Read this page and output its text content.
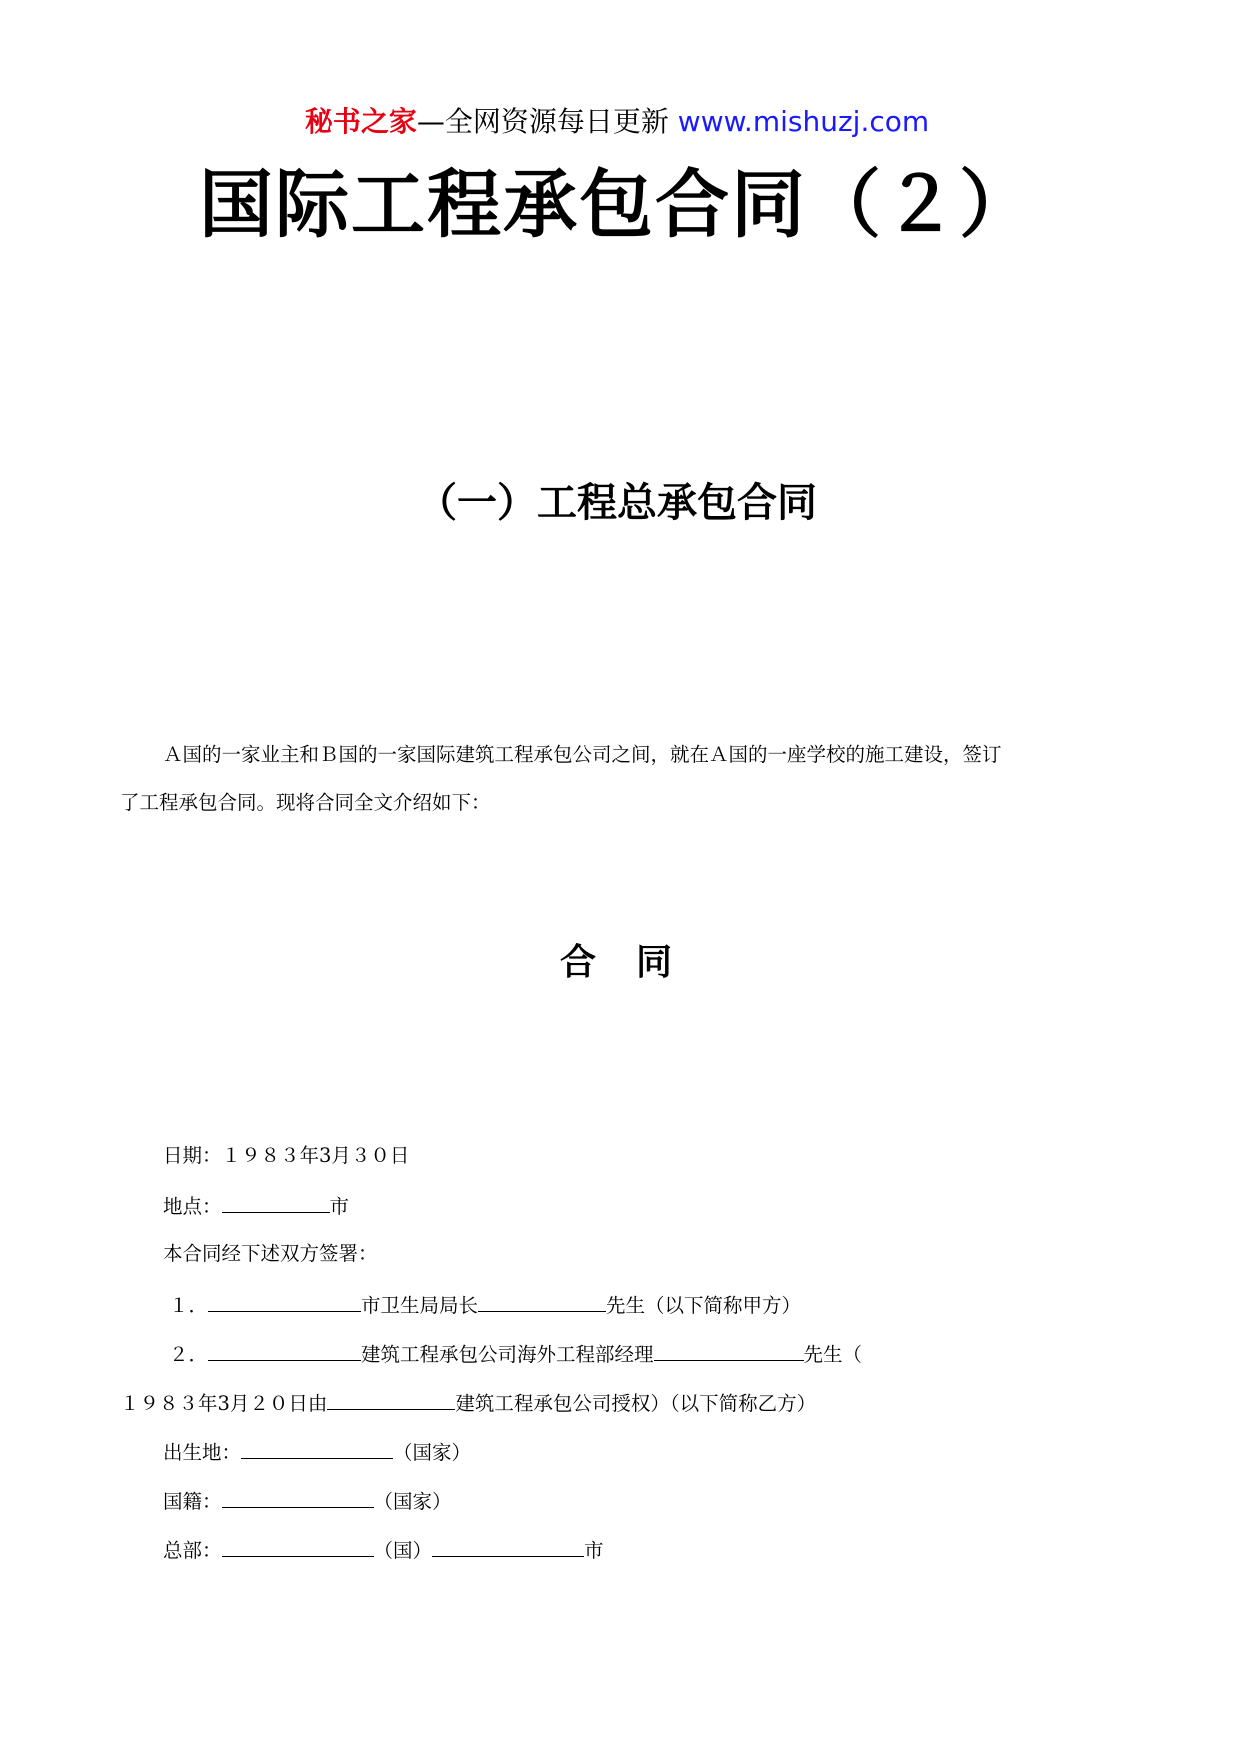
秘书之家—全网资源每日更新 www.mishuzj.com
国际工程承包合同（２）
（一）工程总承包合同

Ａ国的一家业主和Ｂ国的一家国际建筑工程承包公司之间，就在Ａ国的一座学校的施工建设，签订

了工程承包合同。现将合同全文介绍如下：

合　同
日期：１９８３年3月３０日
地点：	市
本合同经下述双方签署：
１．	市卫生局局长	先生（以下简称甲方）
２．	建筑工程承包公司海外工程部经理	先生（
１９８３年3月２０日由	建筑工程承包公司授权）（以下简称乙方）
出生地：	（国家）
国籍：	（国家）
总部：	（国）	市
